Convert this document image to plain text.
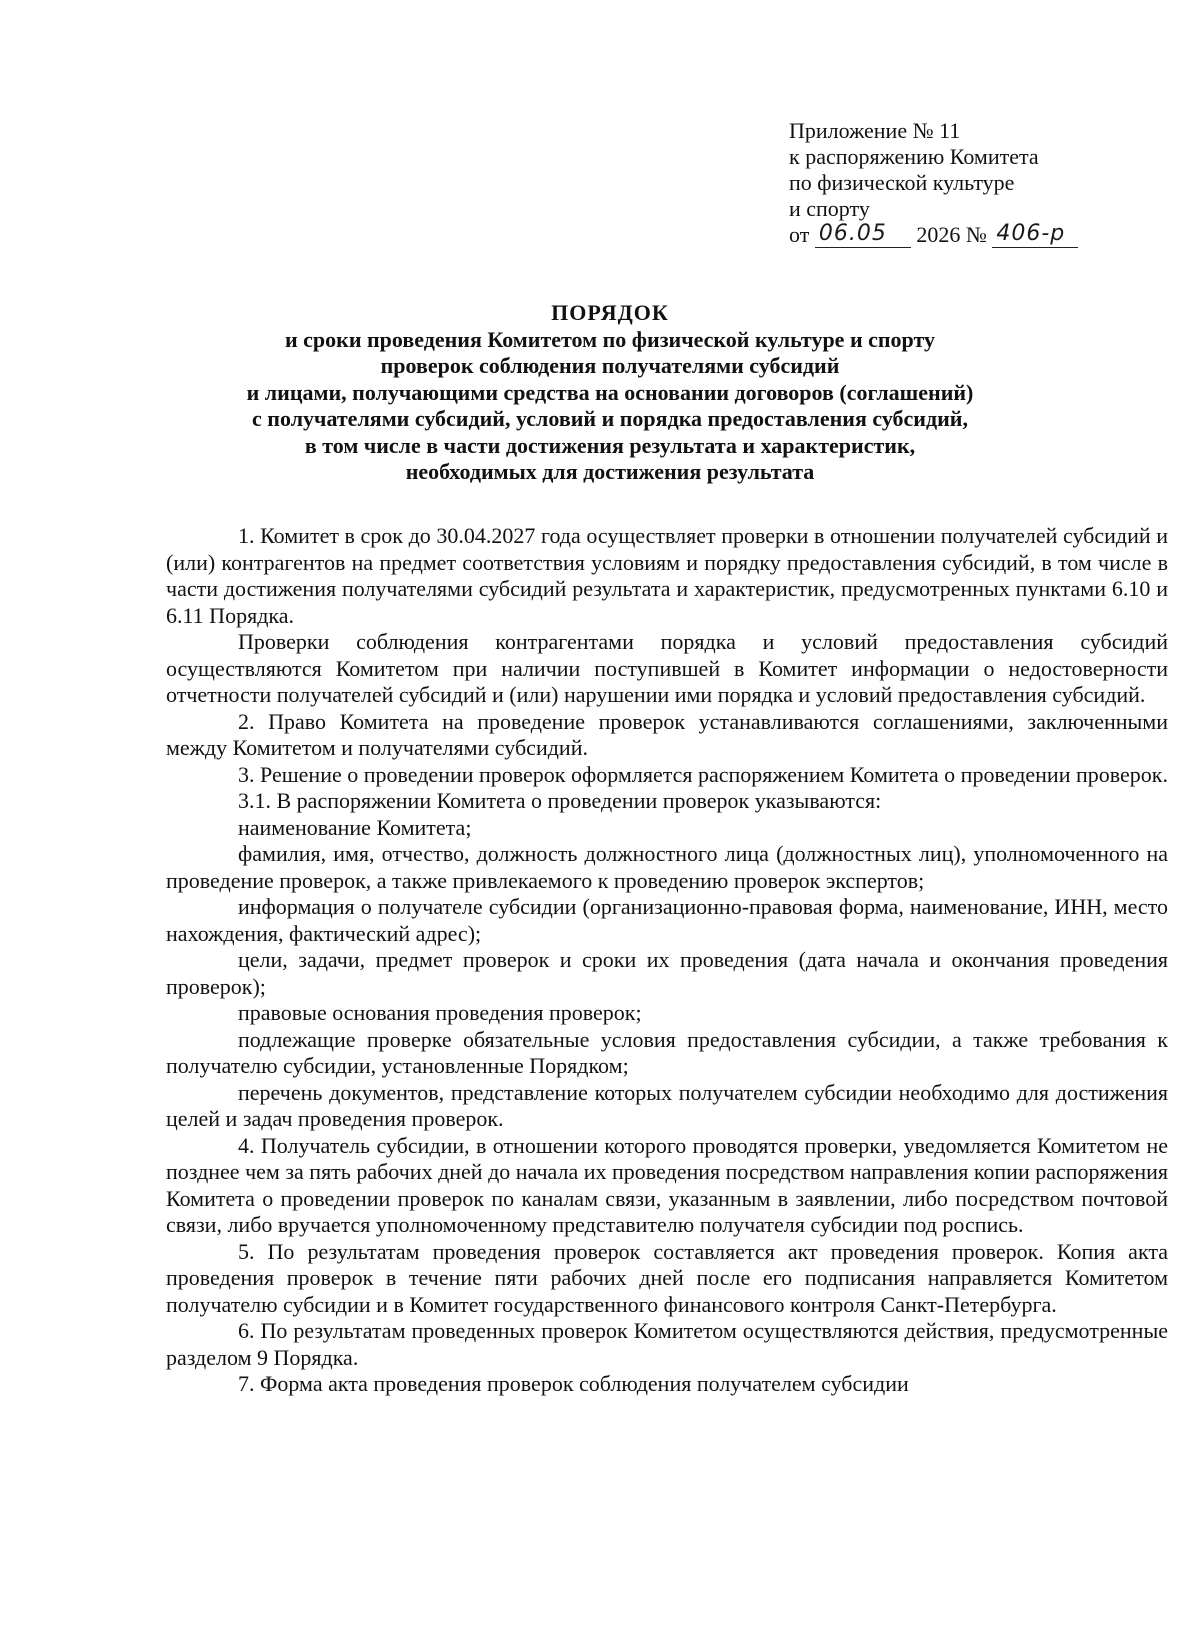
Приложение № 11
к распоряжению Комитета
по физической культуре
и спорту
от 06.05 2026 № 406-р
ПОРЯДОК
и сроки проведения Комитетом по физической культуре и спорту
проверок соблюдения получателями субсидий
и лицами, получающими средства на основании договоров (соглашений)
с получателями субсидий, условий и порядка предоставления субсидий,
в том числе в части достижения результата и характеристик,
необходимых для достижения результата

1. Комитет в срок до 30.04.2027 года осуществляет проверки в отношении получателей субсидий и (или) контрагентов на предмет соответствия условиям и порядку предоставления субсидий, в том числе в части достижения получателями субсидий результата и характеристик, предусмотренных пунктами 6.10 и 6.11 Порядка.

Проверки соблюдения контрагентами порядка и условий предоставления субсидий осуществляются Комитетом при наличии поступившей в Комитет информации о недостоверности отчетности получателей субсидий и (или) нарушении ими порядка и условий предоставления субсидий.

2. Право Комитета на проведение проверок устанавливаются соглашениями, заключенными между Комитетом и получателями субсидий.

3. Решение о проведении проверок оформляется распоряжением Комитета о проведении проверок.

3.1. В распоряжении Комитета о проведении проверок указываются:

наименование Комитета;

фамилия, имя, отчество, должность должностного лица (должностных лиц), уполномоченного на проведение проверок, а также привлекаемого к проведению проверок экспертов;

информация о получателе субсидии (организационно-правовая форма, наименование, ИНН, место нахождения, фактический адрес);

цели, задачи, предмет проверок и сроки их проведения (дата начала и окончания проведения проверок);

правовые основания проведения проверок;

подлежащие проверке обязательные условия предоставления субсидии, а также требования к получателю субсидии, установленные Порядком;

перечень документов, представление которых получателем субсидии необходимо для достижения целей и задач проведения проверок.

4. Получатель субсидии, в отношении которого проводятся проверки, уведомляется Комитетом не позднее чем за пять рабочих дней до начала их проведения посредством направления копии распоряжения Комитета о проведении проверок по каналам связи, указанным в заявлении, либо посредством почтовой связи, либо вручается уполномоченному представителю получателя субсидии под роспись.

5. По результатам проведения проверок составляется акт проведения проверок. Копия акта проведения проверок в течение пяти рабочих дней после его подписания направляется Комитетом получателю субсидии и в Комитет государственного финансового контроля Санкт-Петербурга.

6. По результатам проведенных проверок Комитетом осуществляются действия, предусмотренные разделом 9 Порядка.

7. Форма акта проведения проверок соблюдения получателем субсидии
